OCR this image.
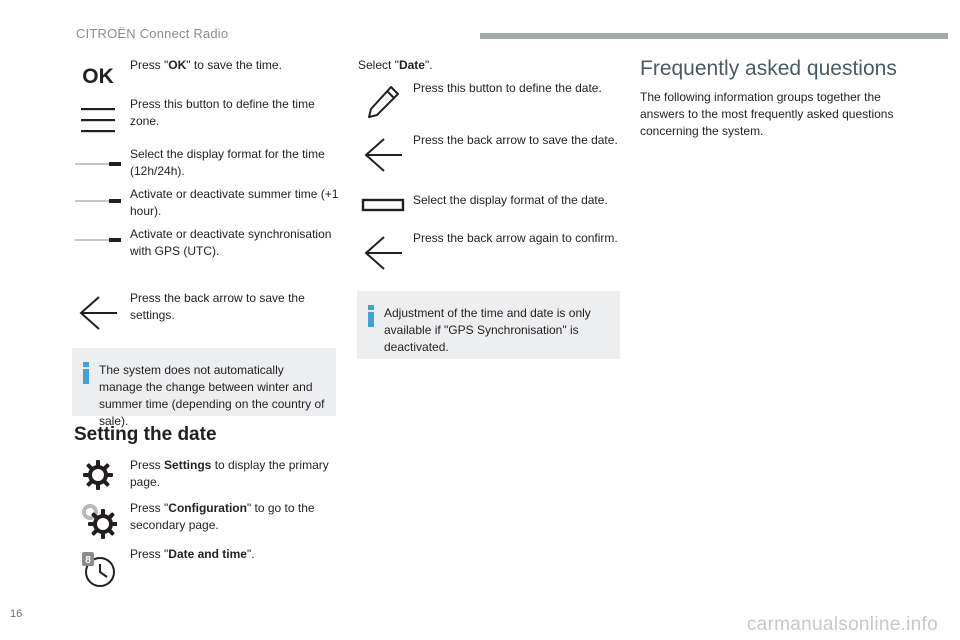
CITROËN Connect Radio
OK Press "OK" to save the time.
Press this button to define the time zone.
Select the display format for the time (12h/24h).
Activate or deactivate summer time (+1 hour).
Activate or deactivate synchronisation with GPS (UTC).
Press the back arrow to save the settings.
The system does not automatically manage the change between winter and summer time (depending on the country of sale).
Setting the date
Press Settings to display the primary page.
Press "Configuration" to go to the secondary page.
8	Press "Date and time".
Select "Date".
Press this button to define the date.
Press the back arrow to save the date.
Select the display format of the date.
Press the back arrow again to confirm.
Adjustment of the time and date is only available if "GPS Synchronisation" is deactivated.
Frequently asked questions
The following information groups together the answers to the most frequently asked questions concerning the system.
16	carmanualsonline.info
